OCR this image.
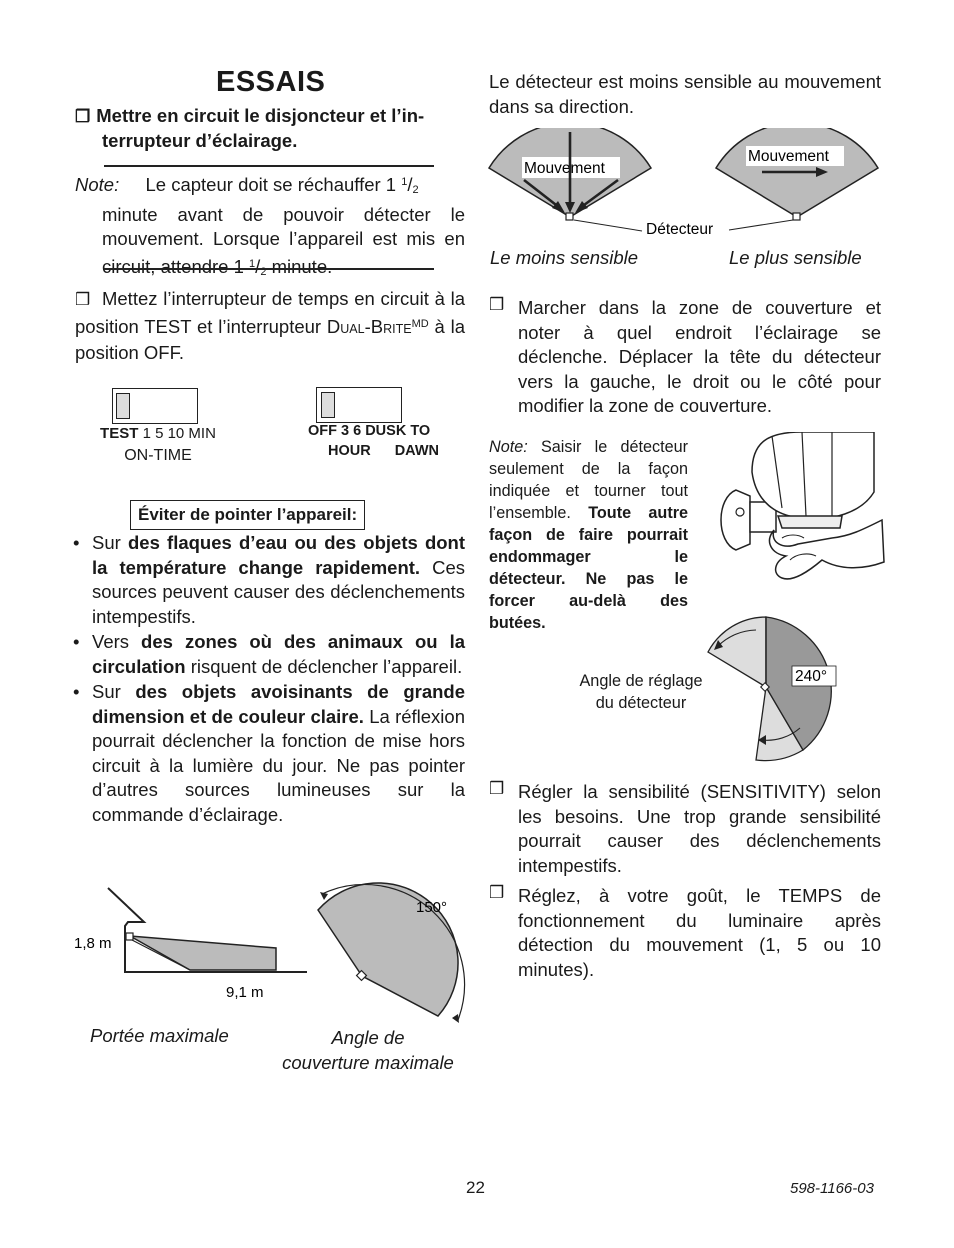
ESSAIS
❒ Mettre en circuit le disjoncteur et l’in-
terrupteur d’éclairage.
Note: Le capteur doit se réchauffer 1 $^1$/2
minute avant de pouvoir détecter le mouvement. Lorsque l’appareil est mis en circuit, attendre 1 $^1$/2 minute.
❒ Mettez l’interrupteur de temps en circuit à la position TEST et l’interrupteur DUAL-$BRITE^{MD}$ à la position OFF.
TEST 1 5 10 MIN
ON-TIME
OFF 3 6 DUSK TO
HOUR DAWN
Éviter de pointer l’appareil:
• Sur des flaques d’eau ou des objets dont la température change rapidement. Ces sources peuvent causer des déclenchements intempestifs.
• Vers des zones où des animaux ou la circulation risquent de déclencher l’appareil.
• Sur des objets avoisinants de grande dimension et de couleur claire. La réflexion pourrait déclencher la fonction de mise hors circuit à la lumière du jour. Ne pas pointer d’autres sources lumineuses sur la commande d’éclairage.
1,8 m
9,1 m
150°
Portée maximale	Angle de
couverture maximale
Le détecteur est moins sensible au mouvement dans sa direction.
Mouvement
Mouvement
Détecteur
Le moins sensible	Le plus sensible
❒ Marcher dans la zone de couverture et noter à quel endroit l’éclairage se déclenche. Déplacer la tête du détecteur vers la gauche, le droit ou le côté pour modifier la zone de couverture.
Note: Saisir le détecteur seulement de la façon indiquée et tourner tout l’ensemble. Toute autre façon de faire pourrait endommager le détecteur. Ne pas le forcer au-delà des butées.
240°
Angle de réglage
du détecteur
❒ Régler la sensibilité (SENSITIVITY) selon les besoins. Une trop grande sensibilité pourrait causer des déclenchements intempestifs.
❒ Réglez, à votre goût, le TEMPS de fonctionnement du luminaire après détection du mouvement (1, 5 ou 10 minutes).
22	598-1166-03
